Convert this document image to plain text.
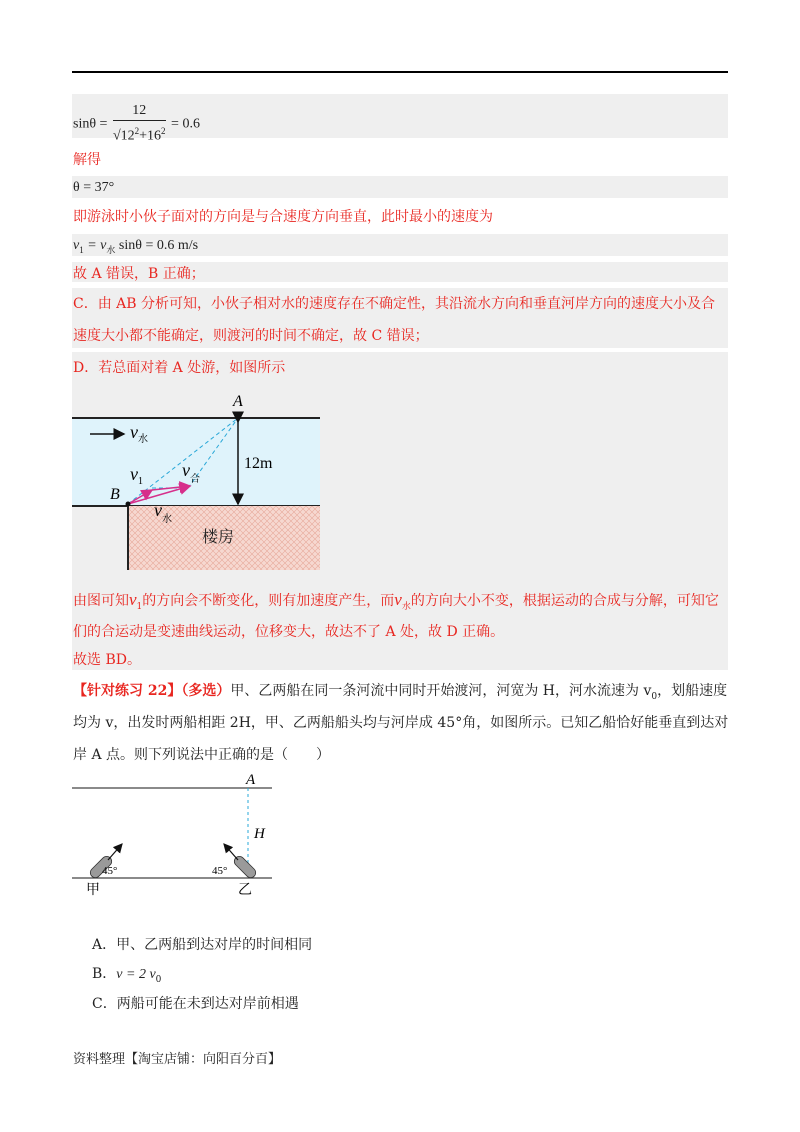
$\sin\theta = \frac{12}{√12^2+16^2} = 0.6$
解得
θ = 37°
即游泳时小伙子面对的方向是与合速度方向垂直，此时最小的速度为
$v_1 = v_水$ sinθ = 0.6 m/s
故 A 错误，B 正确；
C．由 AB 分析可知，小伙子相对水的速度存在不确定性，其沿流水方向和垂直河岸方向的速度大小及合
速度大小都不能确定，则渡河的时间不确定，故 C 错误；
D．若总面对着 A 处游，如图所示
$v_水$
A
12m
$v_1$
$v_合$
$v_水$
B
楼房
由图可知$v_1$的方向会不断变化，则有加速度产生，而$v_水$的方向大小不变，根据运动的合成与分解，可知它
们的合运动是变速曲线运动，位移变大，故达不了 A 处，故 D 正确。
故选 BD。
【针对练习 22】（多选）甲、乙两船在同一条河流中同时开始渡河，河宽为 H，河水流速为 $v_0$，划船速度
均为 v，出发时两船相距 2H，甲、乙两船船头均与河岸成 45°角，如图所示。已知乙船恰好能垂直到达对
岸 A 点。则下列说法中正确的是（　　）
A
H
45°
甲
45°
乙
A．甲、乙两船到达对岸的时间相同
B．v = 2 $v_0$
C．两船可能在未到达对岸前相遇
资料整理【淘宝店铺：向阳百分百】
